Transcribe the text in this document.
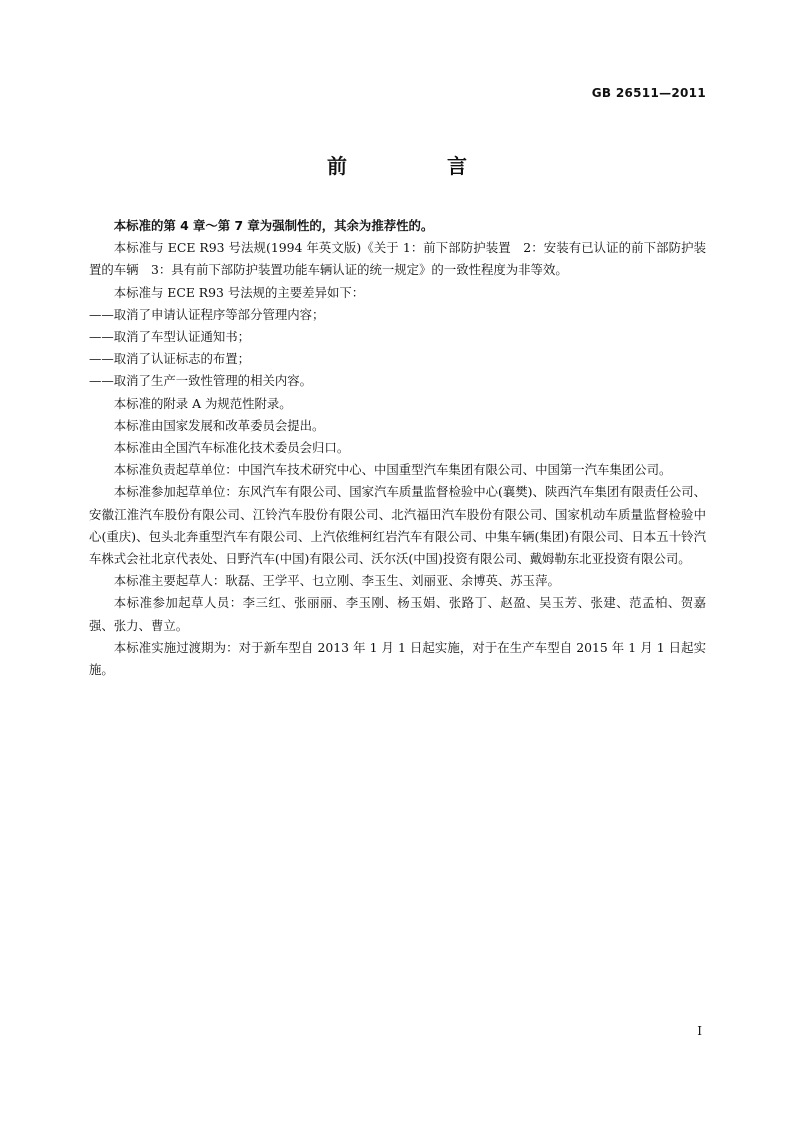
GB 26511—2011
前　言

本标准的第 4 章～第 7 章为强制性的，其余为推荐性的。

本标准与 ECE R93 号法规(1994 年英文版)《关于 1：前下部防护装置　2：安装有已认证的前下部防护装置的车辆　3：具有前下部防护装置功能车辆认证的统一规定》的一致性程度为非等效。

本标准与 ECE R93 号法规的主要差异如下：

——取消了申请认证程序等部分管理内容；

——取消了车型认证通知书；

——取消了认证标志的布置；

——取消了生产一致性管理的相关内容。

本标准的附录 A 为规范性附录。

本标准由国家发展和改革委员会提出。

本标准由全国汽车标准化技术委员会归口。

本标准负责起草单位：中国汽车技术研究中心、中国重型汽车集团有限公司、中国第一汽车集团公司。

本标准参加起草单位：东风汽车有限公司、国家汽车质量监督检验中心(襄樊)、陕西汽车集团有限责任公司、安徽江淮汽车股份有限公司、江铃汽车股份有限公司、北汽福田汽车股份有限公司、国家机动车质量监督检验中心(重庆)、包头北奔重型汽车有限公司、上汽依维柯红岩汽车有限公司、中集车辆(集团)有限公司、日本五十铃汽车株式会社北京代表处、日野汽车(中国)有限公司、沃尔沃(中国)投资有限公司、戴姆勒东北亚投资有限公司。

本标准主要起草人：耿磊、王学平、乜立刚、李玉生、刘丽亚、余博英、苏玉萍。

本标准参加起草人员：李三红、张丽丽、李玉刚、杨玉娟、张路丁、赵盈、吴玉芳、张建、范孟柏、贺嘉强、张力、曹立。

本标准实施过渡期为：对于新车型自 2013 年 1 月 1 日起实施，对于在生产车型自 2015 年 1 月 1 日起实施。

I
